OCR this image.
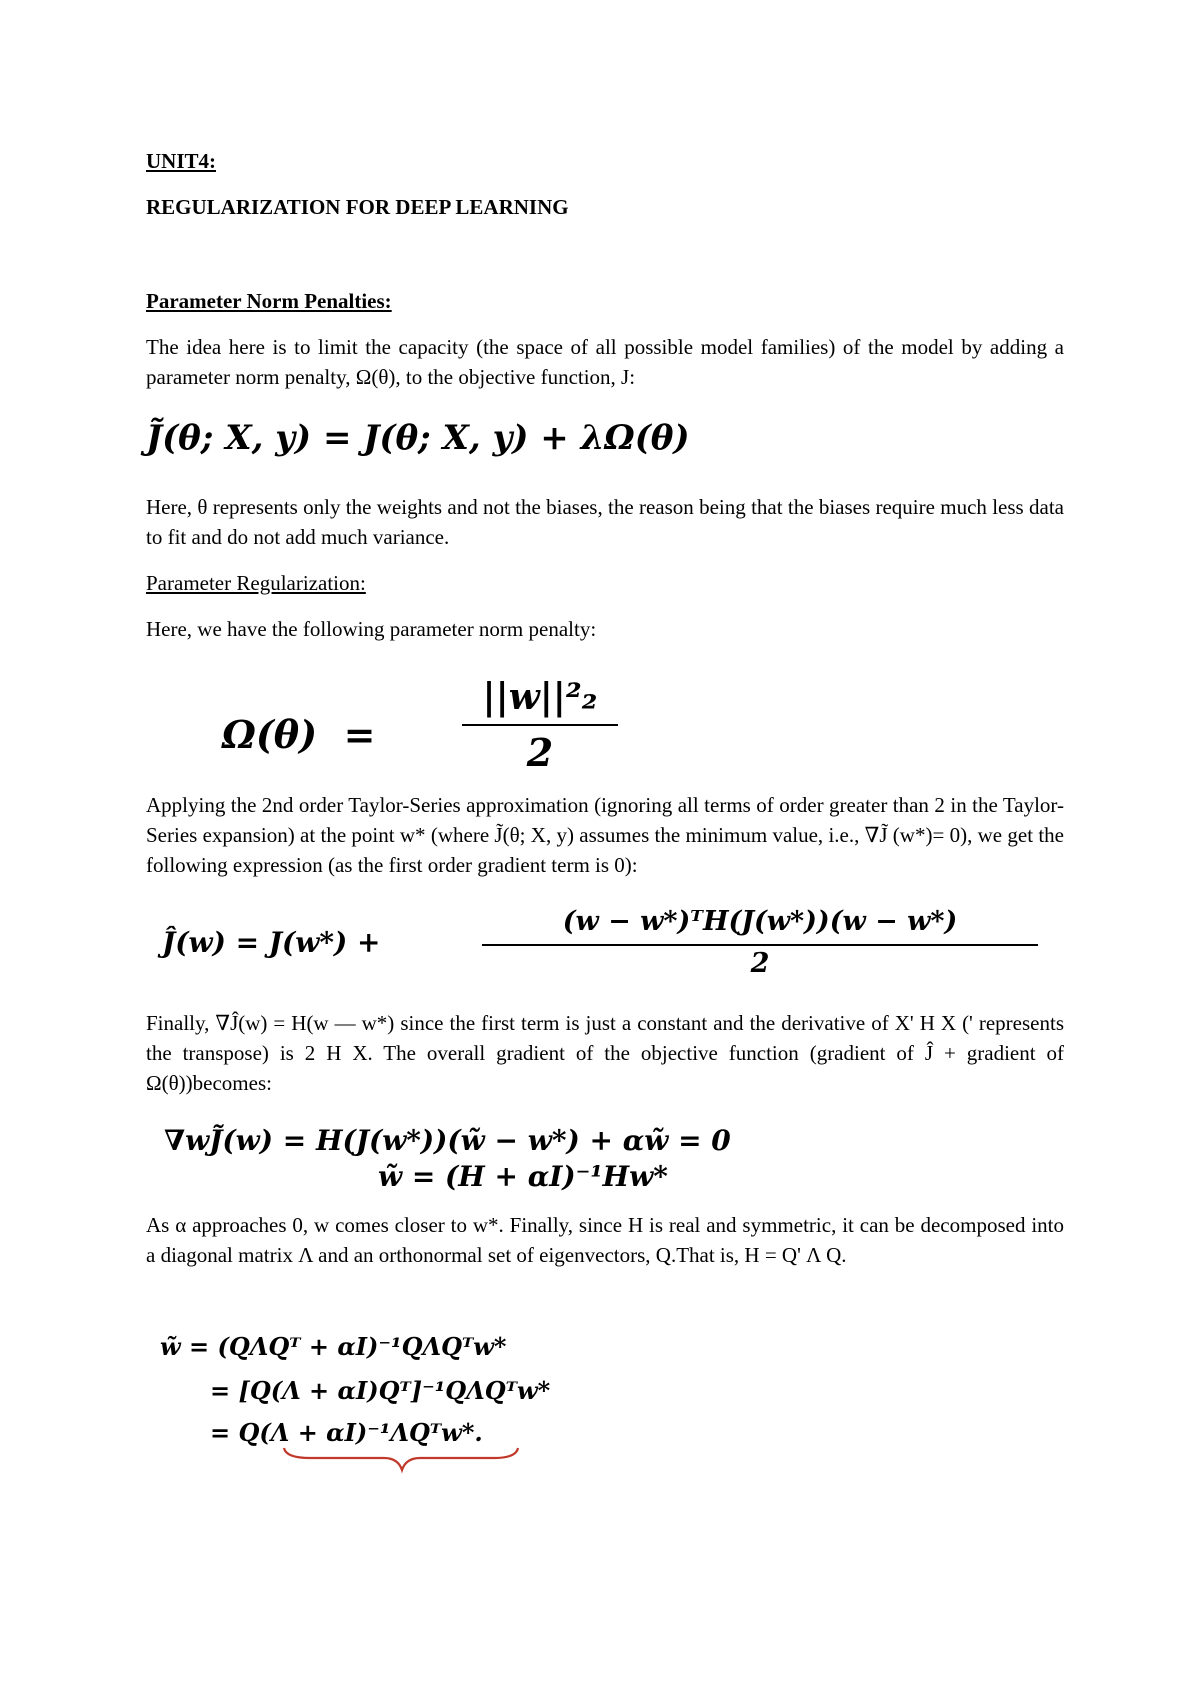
UNIT4:
REGULARIZATION FOR DEEP LEARNING
Parameter Norm Penalties:
The idea here is to limit the capacity (the space of all possible model families) of the model by adding a parameter norm penalty, Ω(θ), to the objective function, J:
J̃(θ; X, y) = J(θ; X, y) + λΩ(θ)
Here, θ represents only the weights and not the biases, the reason being that the biases require much less data to fit and do not add much variance.
Parameter Regularization:
Here, we have the following parameter norm penalty:
Ω(θ)  =
||w||²₂
2
Applying the 2nd order Taylor-Series approximation (ignoring all terms of order greater than 2 in the Taylor-Series expansion) at the point w* (where J̃(θ; X, y) assumes the minimum value, i.e., ∇J̃ (w*)= 0), we get the following expression (as the first order gradient term is 0):
Ĵ(w) = J(w*) +
(w − w*)ᵀH(J(w*))(w − w*)
2
Finally, ∇Ĵ(w) = H(w — w*) since the first term is just a constant and the derivative of X' H X (' represents the transpose) is 2 H X. The overall gradient of the objective function (gradient of Ĵ + gradient of Ω(θ))becomes:
∇wJ̃(w) = H(J(w*))(w̃ − w*) + αw̃ = 0
w̃ = (H + αI)⁻¹Hw*
As α approaches 0, w comes closer to w*. Finally, since H is real and symmetric, it can be decomposed into a diagonal matrix Λ and an orthonormal set of eigenvectors, Q.That is, H = Q' Λ Q.
w̃ = (QΛQᵀ + αI)⁻¹QΛQᵀw*
= [Q(Λ + αI)Qᵀ]⁻¹QΛQᵀw*
= Q(Λ + αI)⁻¹ΛQᵀw*.
